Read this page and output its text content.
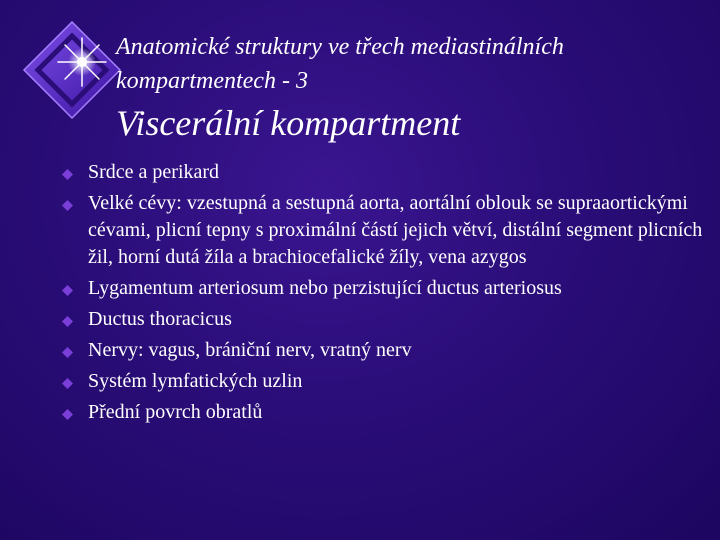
Anatomické struktury ve třech mediastinálních
kompartmentech - 3
Viscerální kompartment
Srdce a perikard
Velké cévy: vzestupná a sestupná aorta, aortální oblouk se supraaortickými cévami, plicní tepny s proximální částí jejich větví, distální segment plicních žil, horní dutá žíla a brachiocefalické žíly, vena azygos
Lygamentum arteriosum nebo perzistující ductus arteriosus
Ductus thoracicus
Nervy: vagus, brániční nerv, vratný nerv
Systém lymfatických uzlin
Přední povrch obratlů
